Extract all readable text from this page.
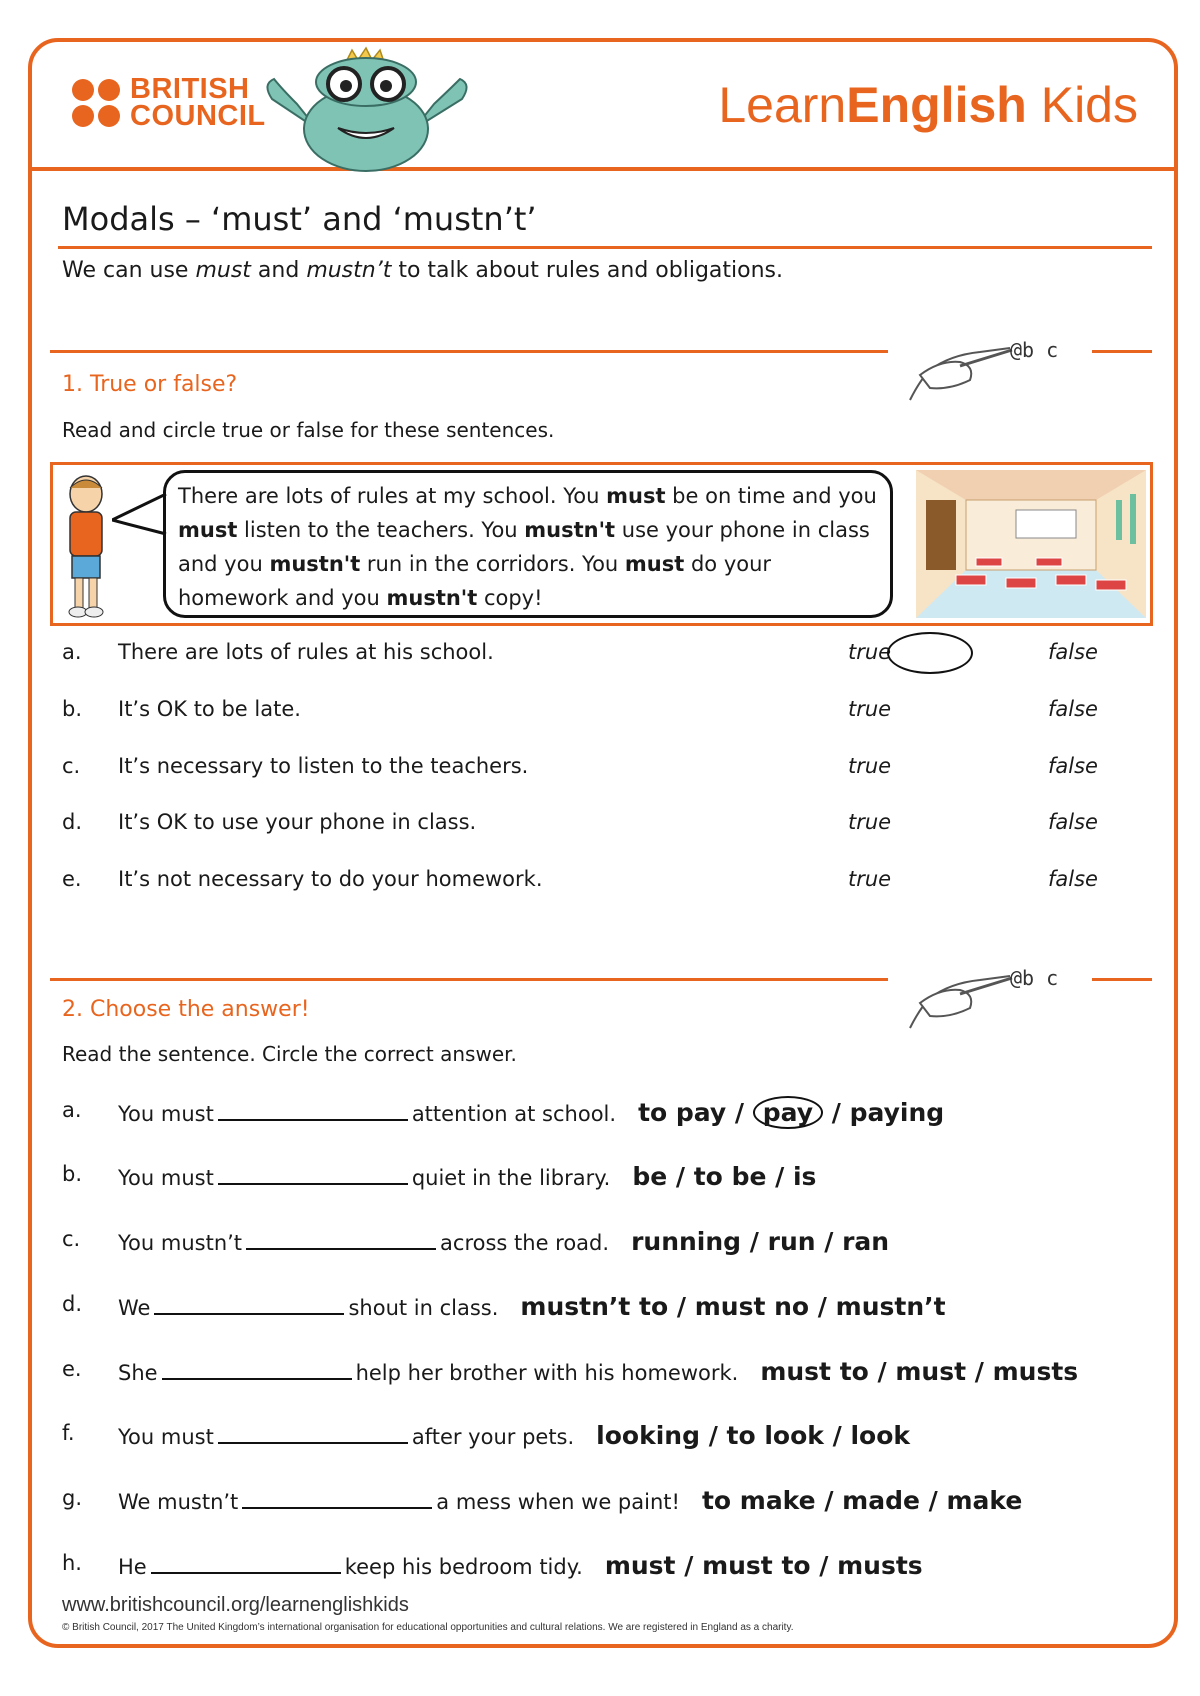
BRITISH
COUNCIL	LearnEnglish Kids
Modals – ‘must’ and ‘mustn’t’
We can use must and mustn’t to talk about rules and obligations.
@b c
1. True or false?
Read and circle true or false for these sentences.
There are lots of rules at my school. You must be on time and you must listen to the teachers. You mustn't use your phone in class and you mustn't run in the corridors. You must do your homework and you mustn't copy!
a. There are lots of rules at his school.	true	false
b. It’s OK to be late.	true	false
c. It’s necessary to listen to the teachers.	true	false
d. It’s OK to use your phone in class.	true	false
e. It’s not necessary to do your homework.	true	false
@b c
2. Choose the answer!
Read the sentence. Circle the correct answer.
a. You must	attention at school. to pay / pay / paying
b. You must	quiet in the library. be / to be / is
c. You mustn’t	across the road. running / run / ran
d. We	shout in class. mustn’t to / must no / mustn’t
e. She	help her brother with his homework. must to / must / musts
f. You must	after your pets. looking / to look / look
g. We mustn’t	a mess when we paint! to make / made / make
h. He	keep his bedroom tidy. must / must to / musts
www.britishcouncil.org/learnenglishkids
© British Council, 2017 The United Kingdom’s international organisation for educational opportunities and cultural relations. We are registered in England as a charity.
